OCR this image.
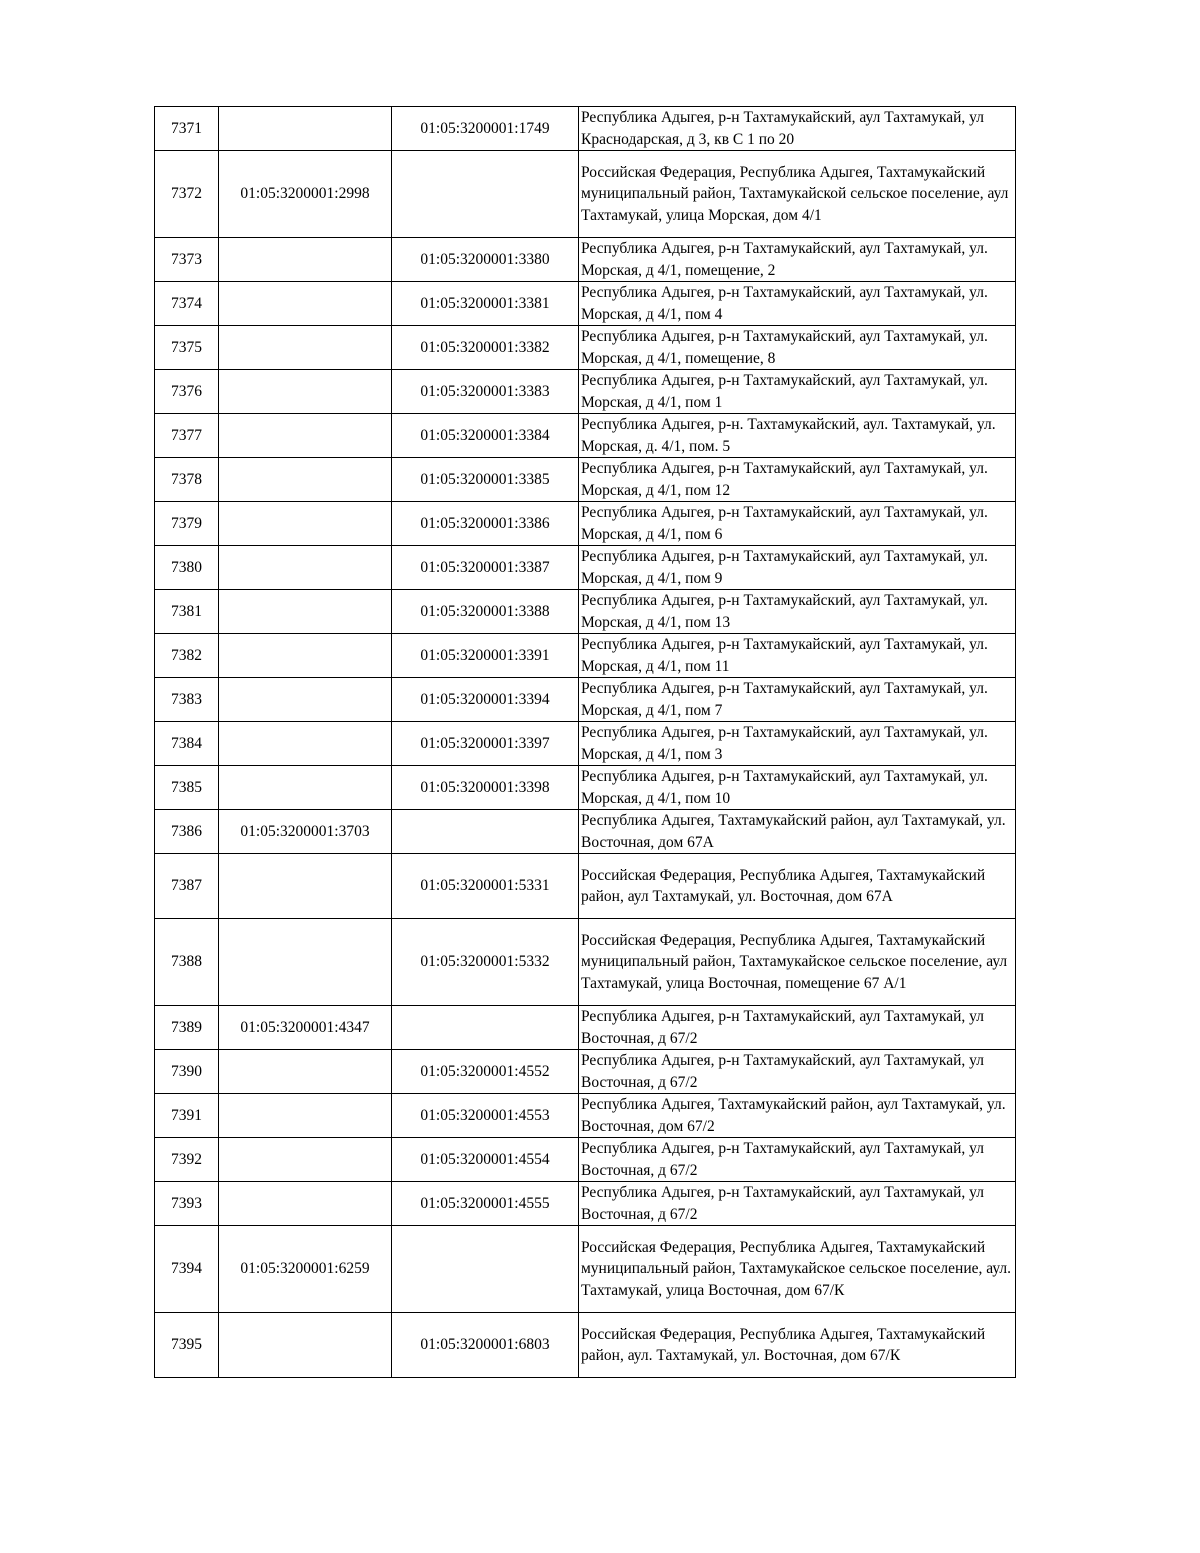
7371		01:05:3200001:1749	Республика Адыгея, р-н Тахтамукайский, аул Тахтамукай, ул Краснодарская, д 3, кв С 1 по 20
7372	01:05:3200001:2998		Российская Федерация, Республика Адыгея, Тахтамукайский муниципальный район, Тахтамукайской сельское поселение, аул Тахтамукай, улица Морская, дом 4/1
7373		01:05:3200001:3380	Республика Адыгея, р-н Тахтамукайский, аул Тахтамукай, ул. Морская, д 4/1, помещение, 2
7374		01:05:3200001:3381	Республика Адыгея, р-н Тахтамукайский, аул Тахтамукай, ул. Морская, д 4/1, пом 4
7375		01:05:3200001:3382	Республика Адыгея, р-н Тахтамукайский, аул Тахтамукай, ул. Морская, д 4/1, помещение, 8
7376		01:05:3200001:3383	Республика Адыгея, р-н Тахтамукайский, аул Тахтамукай, ул. Морская, д 4/1, пом 1
7377		01:05:3200001:3384	Республика Адыгея, р-н. Тахтамукайский, аул. Тахтамукай, ул. Морская, д. 4/1, пом. 5
7378		01:05:3200001:3385	Республика Адыгея, р-н Тахтамукайский, аул Тахтамукай, ул. Морская, д 4/1, пом 12
7379		01:05:3200001:3386	Республика Адыгея, р-н Тахтамукайский, аул Тахтамукай, ул. Морская, д 4/1, пом 6
7380		01:05:3200001:3387	Республика Адыгея, р-н Тахтамукайский, аул Тахтамукай, ул. Морская, д 4/1, пом 9
7381		01:05:3200001:3388	Республика Адыгея, р-н Тахтамукайский, аул Тахтамукай, ул. Морская, д 4/1, пом 13
7382		01:05:3200001:3391	Республика Адыгея, р-н Тахтамукайский, аул Тахтамукай, ул. Морская, д 4/1, пом 11
7383		01:05:3200001:3394	Республика Адыгея, р-н Тахтамукайский, аул Тахтамукай, ул. Морская, д 4/1, пом 7
7384		01:05:3200001:3397	Республика Адыгея, р-н Тахтамукайский, аул Тахтамукай, ул. Морская, д 4/1, пом 3
7385		01:05:3200001:3398	Республика Адыгея, р-н Тахтамукайский, аул Тахтамукай, ул. Морская, д 4/1, пом 10
7386	01:05:3200001:3703		Республика Адыгея, Тахтамукайский район, аул Тахтамукай, ул. Восточная, дом 67А
7387		01:05:3200001:5331	Российская Федерация, Республика Адыгея, Тахтамукайский район, аул Тахтамукай, ул. Восточная, дом 67А
7388		01:05:3200001:5332	Российская Федерация, Республика Адыгея, Тахтамукайский муниципальный район, Тахтамукайское сельское поселение, аул Тахтамукай, улица Восточная, помещение 67 А/1
7389	01:05:3200001:4347		Республика Адыгея, р-н Тахтамукайский, аул Тахтамукай, ул Восточная, д 67/2
7390		01:05:3200001:4552	Республика Адыгея, р-н Тахтамукайский, аул Тахтамукай, ул Восточная, д 67/2
7391		01:05:3200001:4553	Республика Адыгея, Тахтамукайский район, аул Тахтамукай, ул. Восточная, дом 67/2
7392		01:05:3200001:4554	Республика Адыгея, р-н Тахтамукайский, аул Тахтамукай, ул Восточная, д 67/2
7393		01:05:3200001:4555	Республика Адыгея, р-н Тахтамукайский, аул Тахтамукай, ул Восточная, д 67/2
7394	01:05:3200001:6259		Российская Федерация, Республика Адыгея, Тахтамукайский муниципальный район, Тахтамукайское сельское поселение, аул. Тахтамукай, улица Восточная, дом 67/К
7395		01:05:3200001:6803	Российская Федерация, Республика Адыгея, Тахтамукайский район, аул. Тахтамукай, ул. Восточная, дом 67/К
